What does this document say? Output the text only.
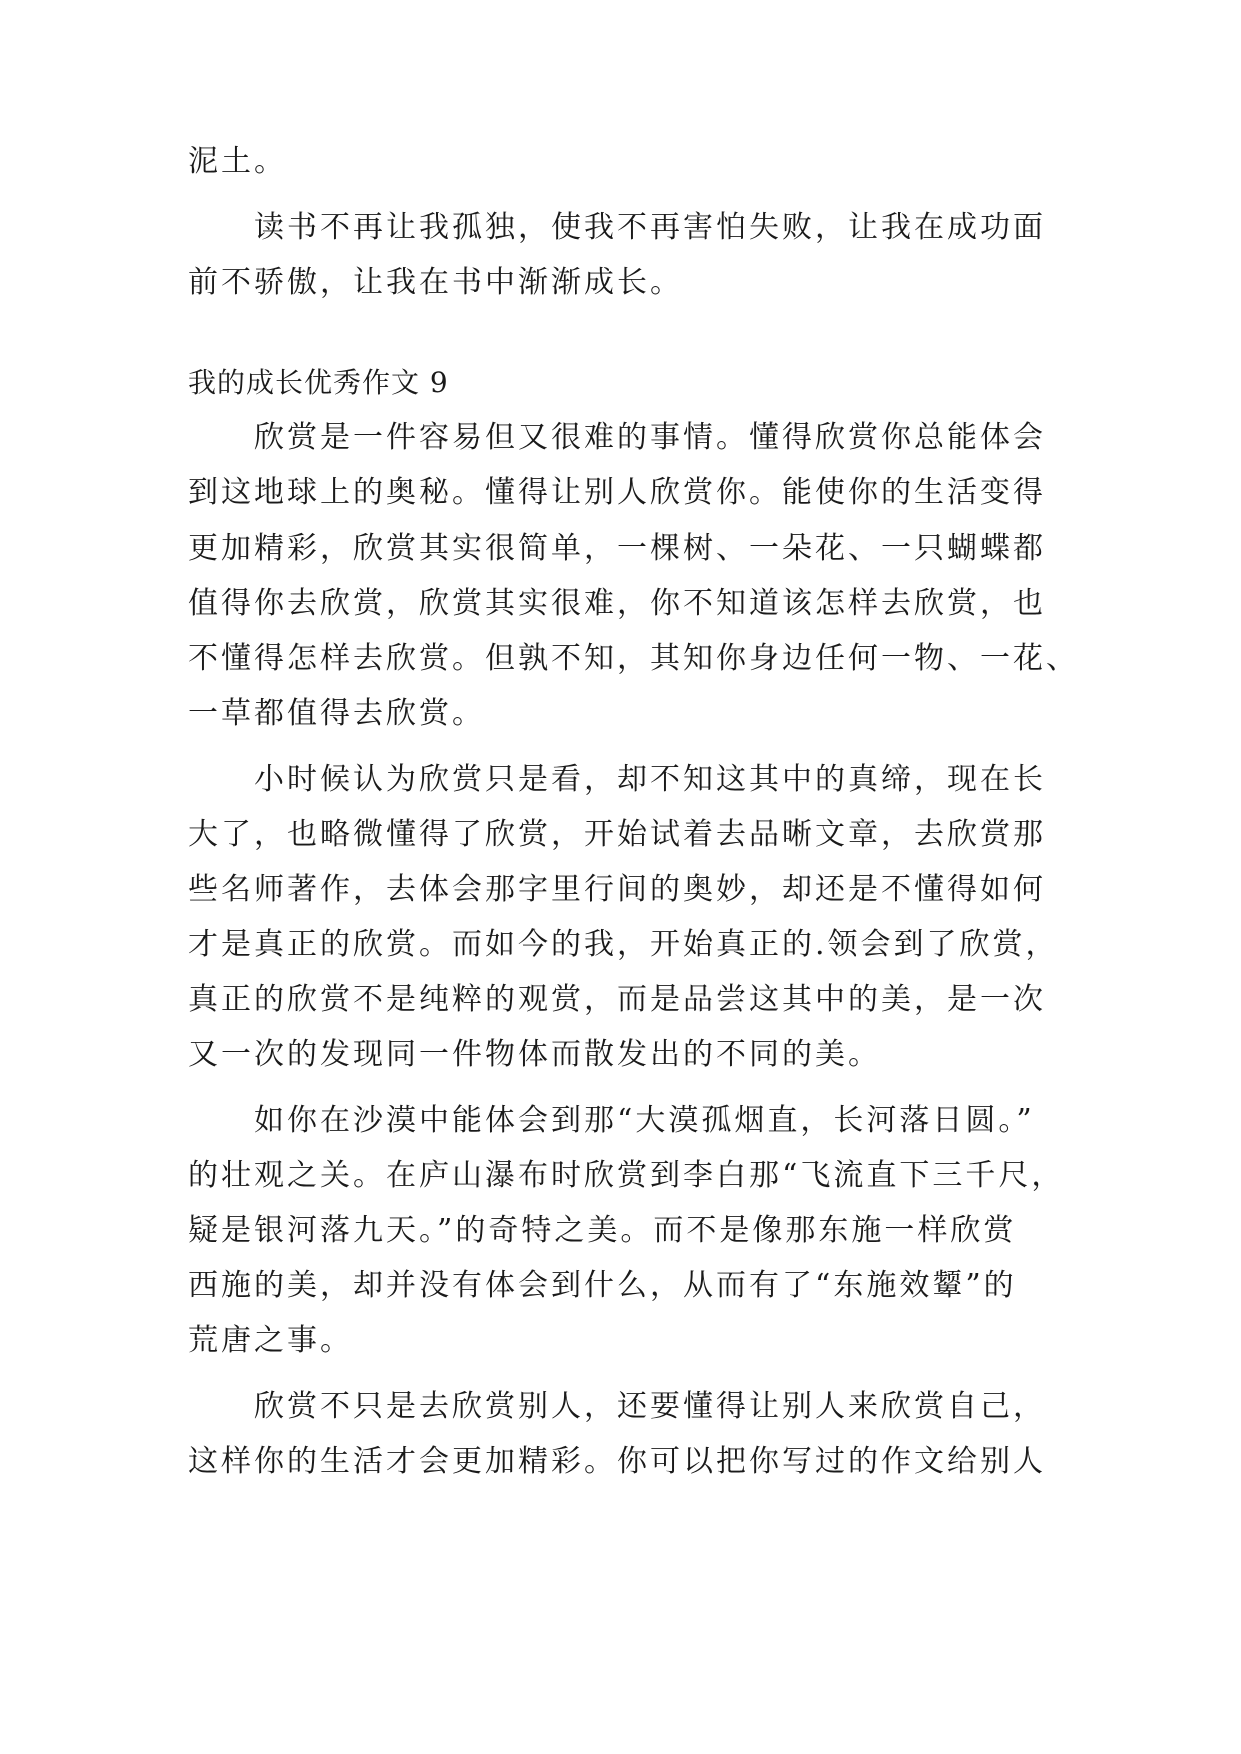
泥土。
读书不再让我孤独，使我不再害怕失败，让我在成功面
前不骄傲，让我在书中渐渐成长。
我的成长优秀作文 9
欣赏是一件容易但又很难的事情。懂得欣赏你总能体会
到这地球上的奥秘。懂得让别人欣赏你。能使你的生活变得
更加精彩，欣赏其实很简单，一棵树、一朵花、一只蝴蝶都
值得你去欣赏，欣赏其实很难，你不知道该怎样去欣赏，也
不懂得怎样去欣赏。但孰不知，其知你身边任何一物、一花、
一草都值得去欣赏。
小时候认为欣赏只是看，却不知这其中的真缔，现在长
大了，也略微懂得了欣赏，开始试着去品晰文章，去欣赏那
些名师著作，去体会那字里行间的奥妙，却还是不懂得如何
才是真正的欣赏。而如今的我，开始真正的.领会到了欣赏，
真正的欣赏不是纯粹的观赏，而是品尝这其中的美，是一次
又一次的发现同一件物体而散发出的不同的美。
如你在沙漠中能体会到那“大漠孤烟直，长河落日圆。”
的壮观之关。在庐山瀑布时欣赏到李白那“飞流直下三千尺，
疑是银河落九天。”的奇特之美。而不是像那东施一样欣赏
西施的美，却并没有体会到什么，从而有了“东施效颦”的
荒唐之事。
欣赏不只是去欣赏别人，还要懂得让别人来欣赏自己，
这样你的生活才会更加精彩。你可以把你写过的作文给别人
